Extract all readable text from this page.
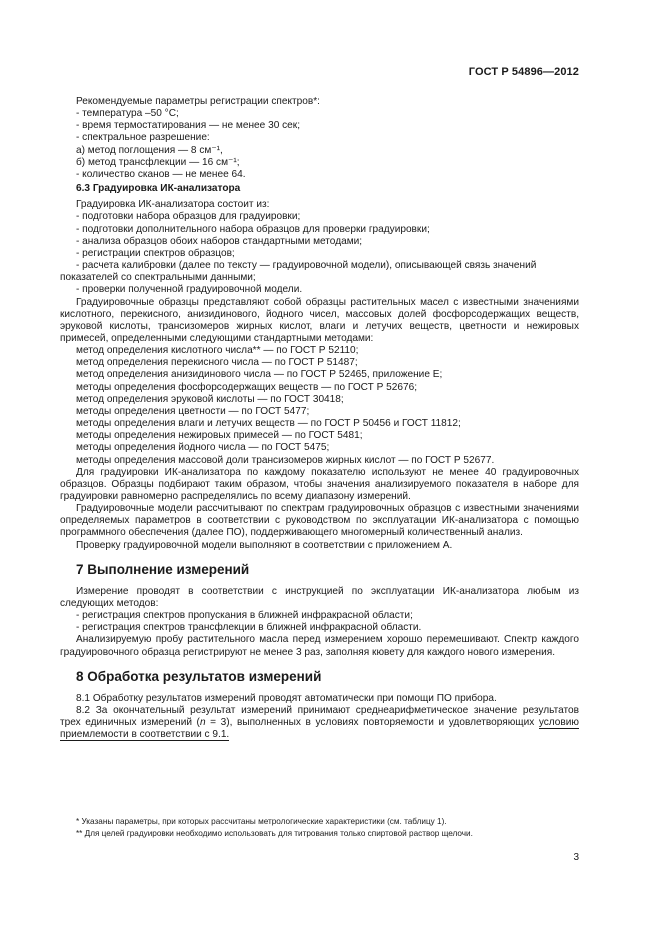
ГОСТ Р 54896—2012

Рекомендуемые параметры регистрации спектров*:

- температура –50 °С;

- время термостатирования — не менее 30 сек;

- спектральное разрешение:

а) метод поглощения — 8 см⁻¹,

б) метод трансфлекции — 16 см⁻¹;

- количество сканов — не менее 64.

6.3 Градуировка ИК-анализатора

Градуировка ИК-анализатора состоит из:

- подготовки набора образцов для градуировки;

- подготовки дополнительного набора образцов для проверки градуировки;

- анализа образцов обоих наборов стандартными методами;

- регистрации спектров образцов;

- расчета калибровки (далее по тексту — градуировочной модели), описывающей связь значений показателей со спектральными данными;

- проверки полученной градуировочной модели.

Градуировочные образцы представляют собой образцы растительных масел с известными значениями кислотного, перекисного, анизидинового, йодного чисел, массовых долей фосфорсодержащих веществ, эруковой кислоты, трансизомеров жирных кислот, влаги и летучих веществ, цветности и нежировых примесей, определенными следующими стандартными методами:

метод определения кислотного числа** — по ГОСТ Р 52110;

метод определения перекисного числа — по ГОСТ Р 51487;

метод определения анизидинового числа — по ГОСТ Р 52465, приложение Е;

методы определения фосфорсодержащих веществ — по ГОСТ Р 52676;

метод определения эруковой кислоты — по ГОСТ 30418;

методы определения цветности — по ГОСТ 5477;

методы определения влаги и летучих веществ — по ГОСТ Р 50456 и ГОСТ 11812;

методы определения нежировых примесей — по ГОСТ 5481;

методы определения йодного числа — по ГОСТ 5475;

методы определения массовой доли трансизомеров жирных кислот — по ГОСТ Р 52677.

Для градуировки ИК-анализатора по каждому показателю используют не менее 40 градуировочных образцов. Образцы подбирают таким образом, чтобы значения анализируемого показателя в наборе для градуировки равномерно распределялись по всему диапазону измерений.

Градуировочные модели рассчитывают по спектрам градуировочных образцов с известными значениями определяемых параметров в соответствии с руководством по эксплуатации ИК-анализатора с помощью программного обеспечения (далее ПО), поддерживающего многомерный количественный анализ.

Проверку градуировочной модели выполняют в соответствии с приложением А.

7 Выполнение измерений

Измерение проводят в соответствии с инструкцией по эксплуатации ИК-анализатора любым из следующих методов:

- регистрация спектров пропускания в ближней инфракрасной области;

- регистрация спектров трансфлекции в ближней инфракрасной области.

Анализируемую пробу растительного масла перед измерением хорошо перемешивают. Спектр каждого градуировочного образца регистрируют не менее 3 раз, заполняя кювету для каждого нового измерения.

8 Обработка результатов измерений

8.1 Обработку результатов измерений проводят автоматически при помощи ПО прибора.

8.2 За окончательный результат измерений принимают среднеарифметическое значение результатов трех единичных измерений (n = 3), выполненных в условиях повторяемости и удовлетворяющих условию приемлемости в соответствии с 9.1.

* Указаны параметры, при которых рассчитаны метрологические характеристики (см. таблицу 1).

** Для целей градуировки необходимо использовать для титрования только спиртовой раствор щелочи.

3
